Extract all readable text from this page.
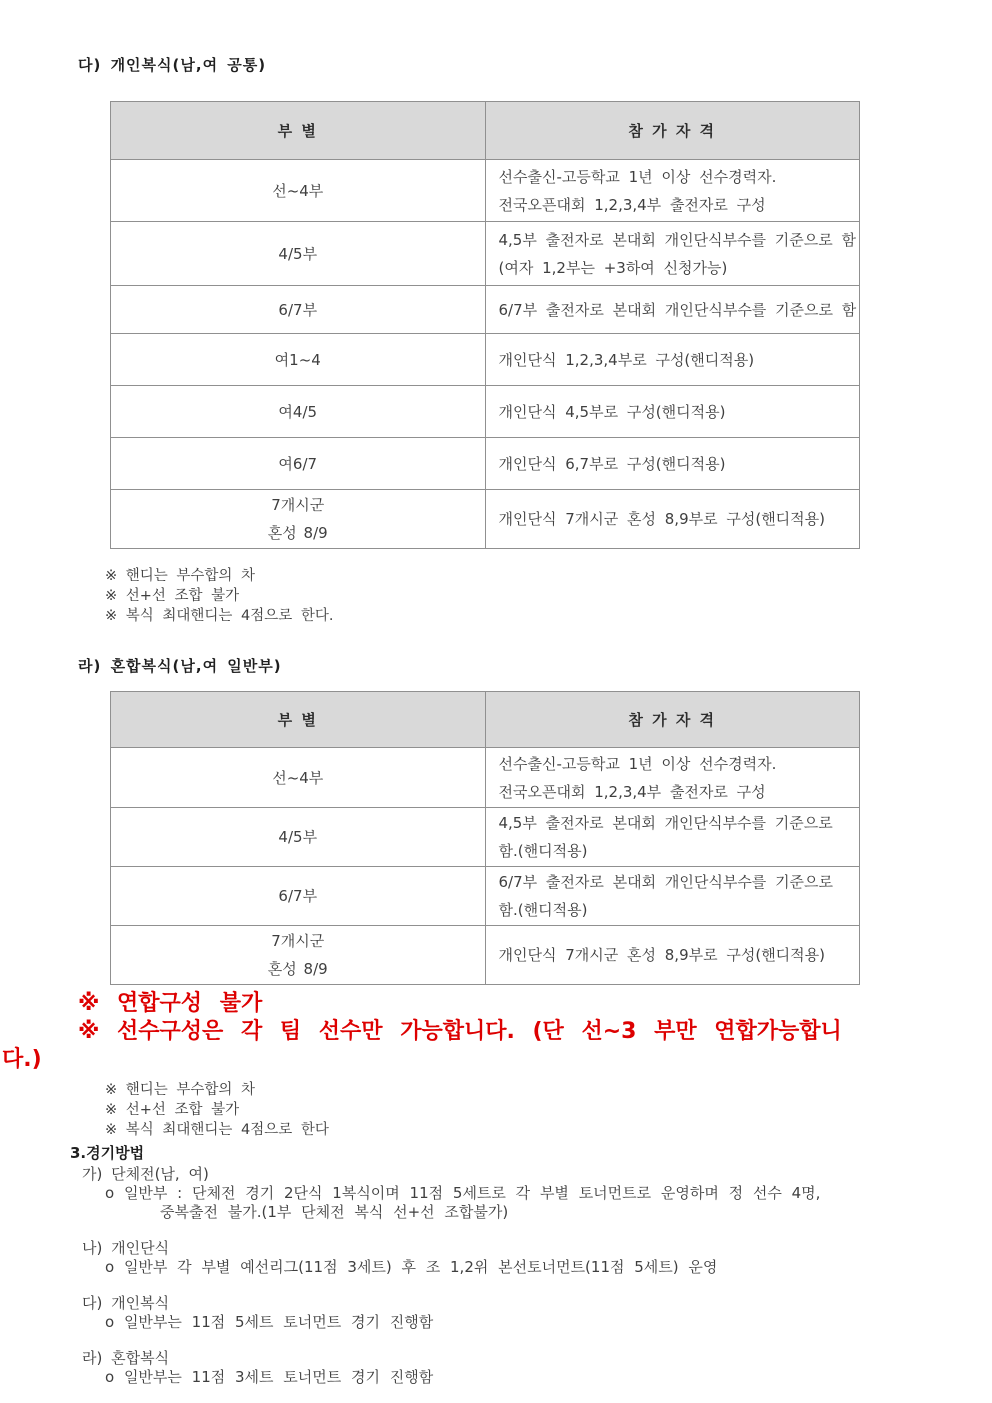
다) 개인복식(남,여 공통)
부 별	참 가 자 격

선~4부	선수출신-고등학교 1년 이상 선수경력자.
전국오픈대회 1,2,3,4부 출전자로 구성

4/5부	4,5부 출전자로 본대회 개인단식부수를 기준으로 함
(여자 1,2부는 +3하여 신청가능)

6/7부	6/7부 출전자로 본대회 개인단식부수를 기준으로 함

여1~4	개인단식 1,2,3,4부로 구성(핸디적용)

여4/5	개인단식 4,5부로 구성(핸디적용)

여6/7	개인단식 6,7부로 구성(핸디적용)

7개시군
혼성 8/9	개인단식 7개시군 혼성 8,9부로 구성(핸디적용)
※ 핸디는 부수합의 차
※ 선+선 조합 불가
※ 복식 최대핸디는 4점으로 한다.
라) 혼합복식(남,여 일반부)
부 별	참 가 자 격

선~4부	선수출신-고등학교 1년 이상 선수경력자.
전국오픈대회 1,2,3,4부 출전자로 구성

4/5부	4,5부 출전자로 본대회 개인단식부수를 기준으로 함.(핸디적용)

6/7부	6/7부 출전자로 본대회 개인단식부수를 기준으로 함.(핸디적용)

7개시군
혼성 8/9	개인단식 7개시군 혼성 8,9부로 구성(핸디적용)
※ 연합구성 불가
※ 선수구성은 각 팀 선수만 가능합니다. (단 선~3 부만 연합가능합니
다.)
※ 핸디는 부수합의 차
※ 선+선 조합 불가
※ 복식 최대핸디는 4점으로 한다
3.경기방법
가) 단체전(남, 여)
o 일반부 : 단체전 경기 2단식 1복식이며 11점 5세트로 각 부별 토너먼트로 운영하며 정 선수 4명,
중복출전 불가.(1부 단체전 복식 선+선 조합불가)
나) 개인단식
o 일반부 각 부별 예선리그(11점 3세트) 후 조 1,2위 본선토너먼트(11점 5세트) 운영
다) 개인복식
o 일반부는 11점 5세트 토너먼트 경기 진행함
라) 혼합복식
o 일반부는 11점 3세트 토너먼트 경기 진행함
